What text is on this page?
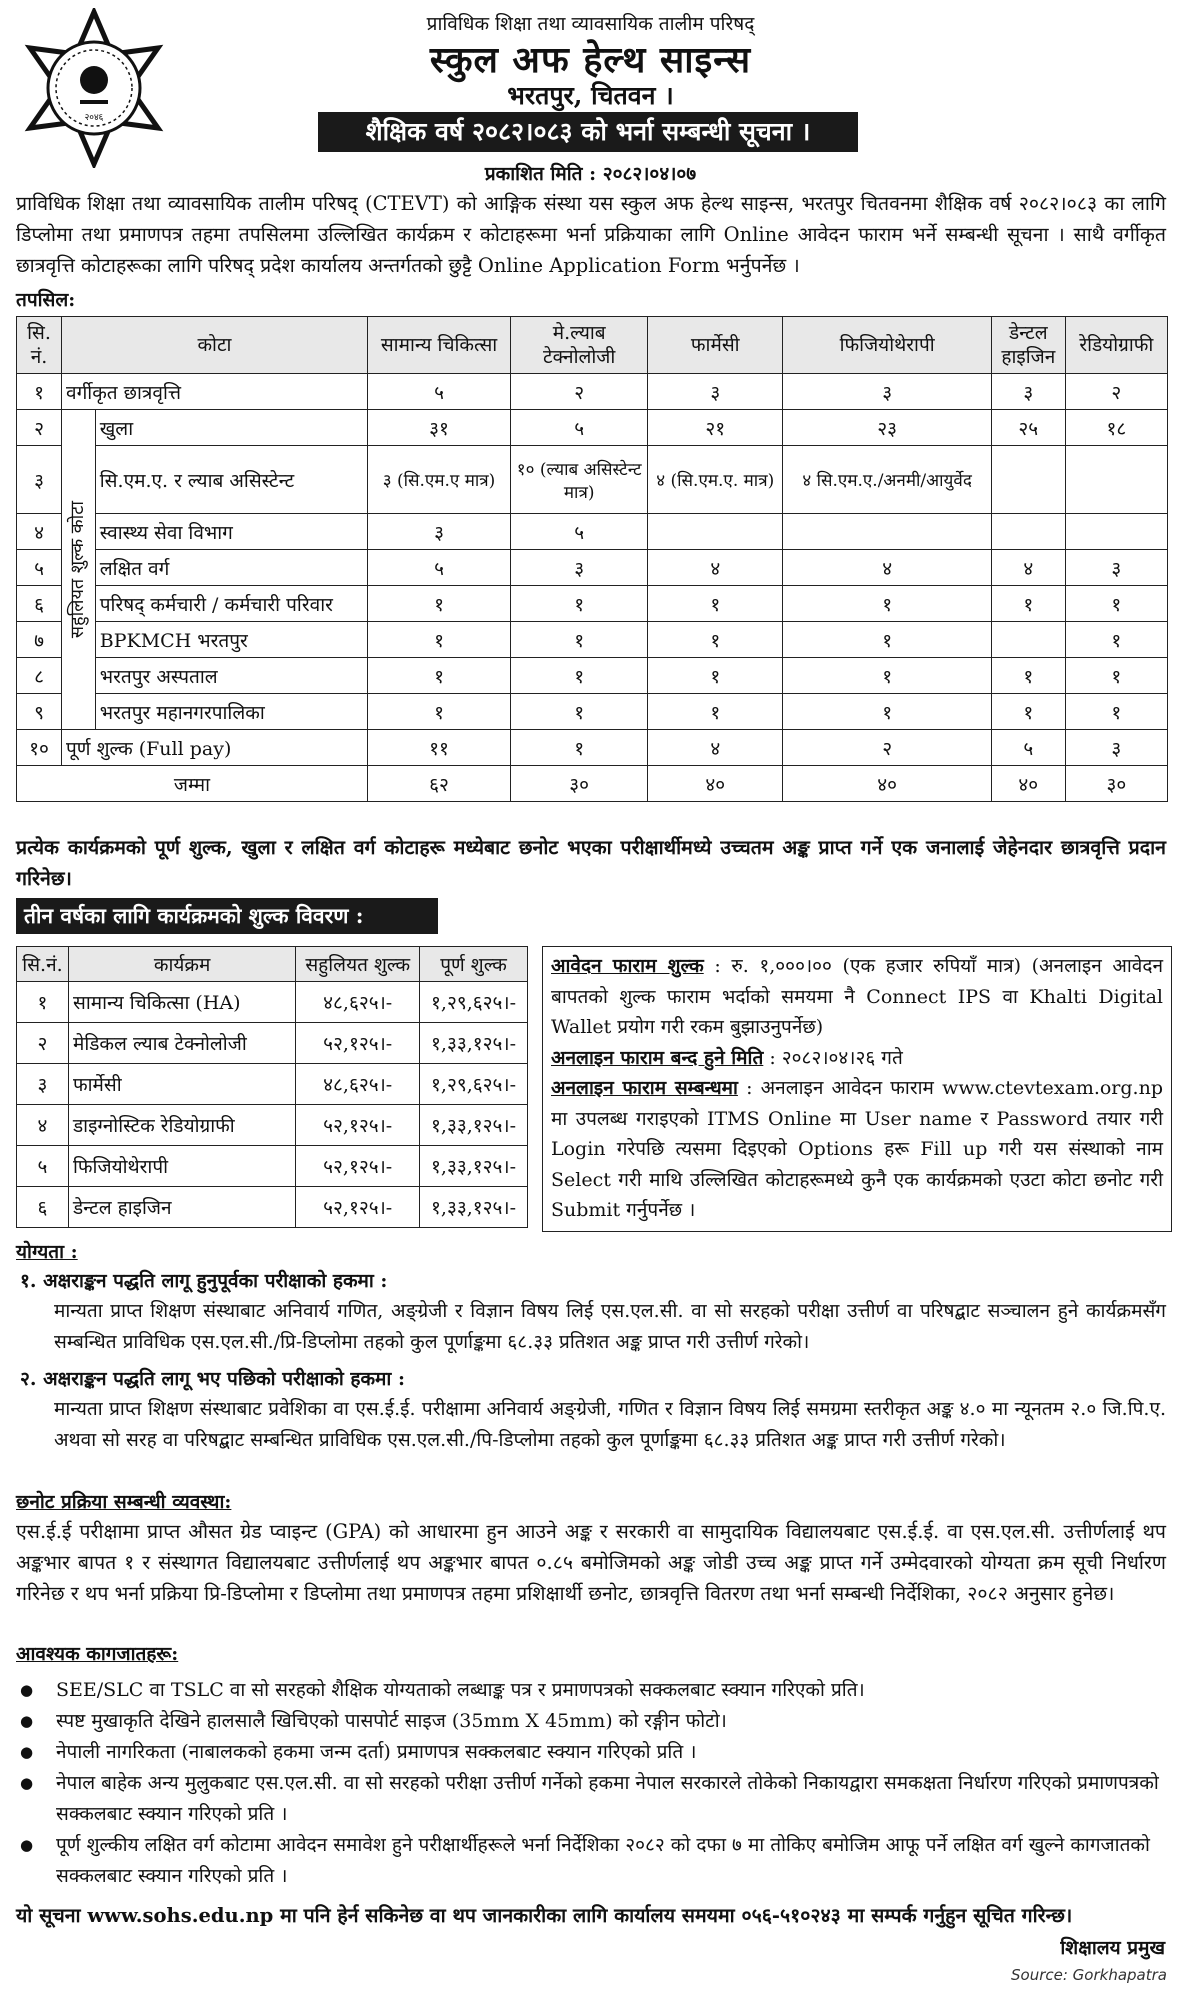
२०४६
प्राविधिक शिक्षा तथा व्यावसायिक तालीम परिषद्
स्कुल अफ हेल्थ साइन्स
भरतपुर, चितवन ।
शैक्षिक वर्ष २०८२।०८३ को भर्ना सम्बन्धी सूचना ।
प्रकाशित मिति : २०८२।०४।०७
प्राविधिक शिक्षा तथा व्यावसायिक तालीम परिषद् (CTEVT) को आङ्गिक संस्था यस स्कुल अफ हेल्थ साइन्स, भरतपुर चितवनमा शैक्षिक वर्ष २०८२।०८३ का लागि डिप्लोमा तथा प्रमाणपत्र तहमा तपसिलमा उल्लिखित कार्यक्रम र कोटाहरूमा भर्ना प्रक्रियाका लागि Online आवेदन फाराम भर्ने सम्बन्धी सूचना । साथै वर्गीकृत छात्रवृत्ति कोटाहरूका लागि परिषद् प्रदेश कार्यालय अन्तर्गतको छुट्टै Online Application Form भर्नुपर्नेछ ।
तपसिल:
सि. नं.	कोटा		सामान्य चिकित्सा	मे.ल्याब टेक्नोलोजी	फार्मेसी	फिजियोथेरापी	डेन्टल हाइजिन	रेडियोग्राफी
१	वर्गीकृत छात्रवृत्ति		५	२	३	३	३	२
२	सहुलियत शुल्क कोटा	खुला	३१	५	२१	२३	२५	१८
३		सि.एम.ए. र ल्याब असिस्टेन्ट	३ (सि.एम.ए मात्र)	१० (ल्याब असिस्टेन्ट मात्र)	४ (सि.एम.ए. मात्र)	४ सि.एम.ए./अनमी/आयुर्वेद		
४		स्वास्थ्य सेवा विभाग	३	५				
५		लक्षित वर्ग	५	३	४	४	४	३
६		परिषद् कर्मचारी / कर्मचारी परिवार	१	१	१	१	१	१
७		BPKMCH भरतपुर	१	१	१	१		१
८		भरतपुर अस्पताल	१	१	१	१	१	१
९		भरतपुर महानगरपालिका	१	१	१	१	१	१
१०	पूर्ण शुल्क (Full pay)		११	१	४	२	५	३
जम्मा			६२	३०	४०	४०	४०	३०
प्रत्येक कार्यक्रमको पूर्ण शुल्क, खुला र लक्षित वर्ग कोटाहरू मध्येबाट छनोट भएका परीक्षार्थीमध्ये उच्चतम अङ्क प्राप्त गर्ने एक जनालाई जेहेनदार छात्रवृत्ति प्रदान गरिनेछ।
तीन वर्षका लागि कार्यक्रमको शुल्क विवरण :
सि.नं.	कार्यक्रम	सहुलियत शुल्क	पूर्ण शुल्क
१	सामान्य चिकित्सा (HA)	४८,६२५।-	१,२९,६२५।-
२	मेडिकल ल्याब टेक्नोलोजी	५२,१२५।-	१,३३,१२५।-
३	फार्मेसी	४८,६२५।-	१,२९,६२५।-
४	डाइग्नोस्टिक रेडियोग्राफी	५२,१२५।-	१,३३,१२५।-
५	फिजियोथेरापी	५२,१२५।-	१,३३,१२५।-
६	डेन्टल हाइजिन	५२,१२५।-	१,३३,१२५।-
आवेदन फाराम शुल्क : रु. १,०००।०० (एक हजार रुपियाँ मात्र) (अनलाइन आवेदन बापतको शुल्क फाराम भर्दाको समयमा नै Connect IPS वा Khalti Digital Wallet प्रयोग गरी रकम बुझाउनुपर्नेछ)
अनलाइन फाराम बन्द हुने मिति : २०८२।०४।२६ गते
अनलाइन फाराम सम्बन्धमा : अनलाइन आवेदन फाराम www.ctevtexam.org.np मा उपलब्ध गराइएको ITMS Online मा User name र Password तयार गरी Login गरेपछि त्यसमा दिइएको Options हरू Fill up गरी यस संस्थाको नाम Select गरी माथि उल्लिखित कोटाहरूमध्ये कुनै एक कार्यक्रमको एउटा कोटा छनोट गरी Submit गर्नुपर्नेछ ।
योग्यता :
१. अक्षराङ्कन पद्धति लागू हुनुपूर्वका परीक्षाको हकमा :
मान्यता प्राप्त शिक्षण संस्थाबाट अनिवार्य गणित, अङ्ग्रेजी र विज्ञान विषय लिई एस.एल.सी. वा सो सरहको परीक्षा उत्तीर्ण वा परिषद्बाट सञ्चालन हुने कार्यक्रमसँग सम्बन्धित प्राविधिक एस.एल.सी./प्रि-डिप्लोमा तहको कुल पूर्णाङ्कमा ६८.३३ प्रतिशत अङ्क प्राप्त गरी उत्तीर्ण गरेको।
२. अक्षराङ्कन पद्धति लागू भए पछिको परीक्षाको हकमा :
मान्यता प्राप्त शिक्षण संस्थाबाट प्रवेशिका वा एस.ई.ई. परीक्षामा अनिवार्य अङ्ग्रेजी, गणित र विज्ञान विषय लिई समग्रमा स्तरीकृत अङ्क ४.० मा न्यूनतम २.० जि.पि.ए. अथवा सो सरह वा परिषद्बाट सम्बन्धित प्राविधिक एस.एल.सी./पि-डिप्लोमा तहको कुल पूर्णाङ्कमा ६८.३३ प्रतिशत अङ्क प्राप्त गरी उत्तीर्ण गरेको।
छनोट प्रक्रिया सम्बन्धी व्यवस्था:
एस.ई.ई परीक्षामा प्राप्त औसत ग्रेड प्वाइन्ट (GPA) को आधारमा हुन आउने अङ्क र सरकारी वा सामुदायिक विद्यालयबाट एस.ई.ई. वा एस.एल.सी. उत्तीर्णलाई थप अङ्कभार बापत १ र संस्थागत विद्यालयबाट उत्तीर्णलाई थप अङ्कभार बापत ०.८५ बमोजिमको अङ्क जोडी उच्च अङ्क प्राप्त गर्ने उम्मेदवारको योग्यता क्रम सूची निर्धारण गरिनेछ र थप भर्ना प्रक्रिया प्रि-डिप्लोमा र डिप्लोमा तथा प्रमाणपत्र तहमा प्रशिक्षार्थी छनोट, छात्रवृत्ति वितरण तथा भर्ना सम्बन्धी निर्देशिका, २०८२ अनुसार हुनेछ।
आवश्यक कागजातहरू:
● SEE/SLC वा TSLC वा सो सरहको शैक्षिक योग्यताको लब्धाङ्क पत्र र प्रमाणपत्रको सक्कलबाट स्क्यान गरिएको प्रति।
● स्पष्ट मुखाकृति देखिने हालसालै खिचिएको पासपोर्ट साइज (35mm X 45mm) को रङ्गीन फोटो।
● नेपाली नागरिकता (नाबालकको हकमा जन्म दर्ता) प्रमाणपत्र सक्कलबाट स्क्यान गरिएको प्रति ।
● नेपाल बाहेक अन्य मुलुकबाट एस.एल.सी. वा सो सरहको परीक्षा उत्तीर्ण गर्नेको हकमा नेपाल सरकारले तोकेको निकायद्वारा समकक्षता निर्धारण गरिएको प्रमाणपत्रको सक्कलबाट स्क्यान गरिएको प्रति ।
● पूर्ण शुल्कीय लक्षित वर्ग कोटामा आवेदन समावेश हुने परीक्षार्थीहरूले भर्ना निर्देशिका २०८२ को दफा ७ मा तोकिए बमोजिम आफू पर्ने लक्षित वर्ग खुल्ने कागजातको सक्कलबाट स्क्यान गरिएको प्रति ।
यो सूचना www.sohs.edu.np मा पनि हेर्न सकिनेछ वा थप जानकारीका लागि कार्यालय समयमा ०५६-५१०२४३ मा सम्पर्क गर्नुहुन सूचित गरिन्छ।
शिक्षालय प्रमुख
Source: Gorkhapatra
